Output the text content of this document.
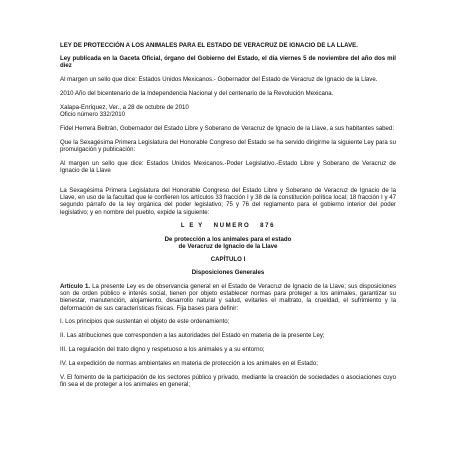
LEY DE PROTECCIÓN A LOS ANIMALES PARA EL ESTADO DE VERACRUZ DE IGNACIO DE LA LLAVE.

Ley publicada en la Gaceta Oficial, órgano del Gobierno del Estado, el día viernes 5 de noviembre del año dos mil diez

Al margen un sello que dice: Estados Unidos Mexicanos.- Gobernador del Estado de Veracruz de Ignacio de la Llave.

2010 Año del bicentenario de la Independencia Nacional y del centenario de la Revolución Mexicana.

Xalapa-Enríquez, Ver., a 28 de octubre de 2010

Oficio número 332/2010

Fidel Herrera Beltrán, Gobernador del Estado Libre y Soberano de Veracruz de Ignacio de la Llave, a sus habitantes sabed:

Que la Sexagésima Primera Legislatura del Honorable Congreso del Estado se ha servido dirigirme la siguiente Ley para su promulgación y publicación:

Al margen un sello que dice: Estados Unidos Mexicanos.-Poder Legislativo.-Estado Libre y Soberano de Veracruz de Ignacio de la Llave

La Sexagésima Primera Legislatura del Honorable Congreso del Estado Libre y Soberano de Veracruz de Ignacio de la Llave, en uso de la facultad que le confieren los artículos 33 fracción I y 38 de la constitución política local; 18 fracción I y 47 segundo párrafo de la ley orgánica del poder legislativo; 75 y 76 del reglamento para el gobierno interior del poder legislativo; y en nombre del pueblo, expide la siguiente:

L E Y   NUMERO   876

De protección a los animales para el estado

de Veracruz de Ignacio de la Llave

CAPÍTULO I

Disposiciones Generales

Artículo 1. La presente Ley es de observancia general en el Estado de Veracruz de Ignacio de la Llave; sus disposiciones son de orden público e interés social, tienen por objeto establecer normas para proteger a los animales, garantizar su bienestar, manutención, alojamiento, desarrollo natural y salud, evitarles el maltrato, la crueldad, el sufrimiento y la deformación de sus características físicas. Fija bases para definir:

I. Los principios que sustentan el objeto de este ordenamiento;

II. Las atribuciones que corresponden a las autoridades del Estado en materia de la presente Ley;

III. La regulación del trato digno y respetuoso a los animales y a su entorno;

IV. La expedición de normas ambientales en materia de protección a los animales en el Estado;

V. El fomento de la participación de los sectores público y privado, mediante la creación de sociedades o asociaciones cuyo fin sea el de proteger a los animales en general;
